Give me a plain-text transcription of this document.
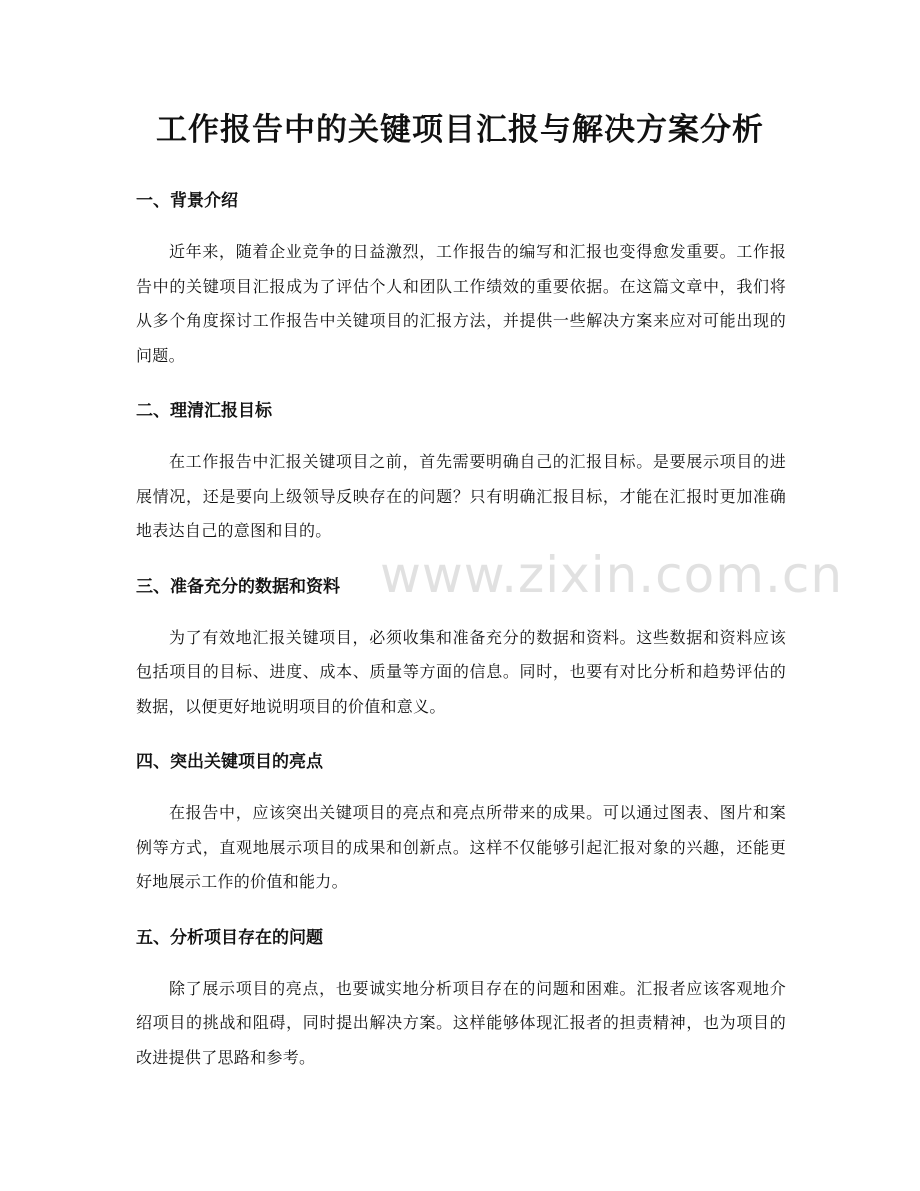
工作报告中的关键项目汇报与解决方案分析
一、背景介绍

近年来，随着企业竞争的日益激烈，工作报告的编写和汇报也变得愈发重要。工作报告中的关键项目汇报成为了评估个人和团队工作绩效的重要依据。在这篇文章中，我们将从多个角度探讨工作报告中关键项目的汇报方法，并提供一些解决方案来应对可能出现的问题。

二、理清汇报目标

在工作报告中汇报关键项目之前，首先需要明确自己的汇报目标。是要展示项目的进展情况，还是要向上级领导反映存在的问题？只有明确汇报目标，才能在汇报时更加准确地表达自己的意图和目的。

三、准备充分的数据和资料

为了有效地汇报关键项目，必须收集和准备充分的数据和资料。这些数据和资料应该包括项目的目标、进度、成本、质量等方面的信息。同时，也要有对比分析和趋势评估的数据，以便更好地说明项目的价值和意义。

四、突出关键项目的亮点

在报告中，应该突出关键项目的亮点和亮点所带来的成果。可以通过图表、图片和案例等方式，直观地展示项目的成果和创新点。这样不仅能够引起汇报对象的兴趣，还能更好地展示工作的价值和能力。

五、分析项目存在的问题

除了展示项目的亮点，也要诚实地分析项目存在的问题和困难。汇报者应该客观地介绍项目的挑战和阻碍，同时提出解决方案。这样能够体现汇报者的担责精神，也为项目的改进提供了思路和参考。

www.zixin.com.cn
